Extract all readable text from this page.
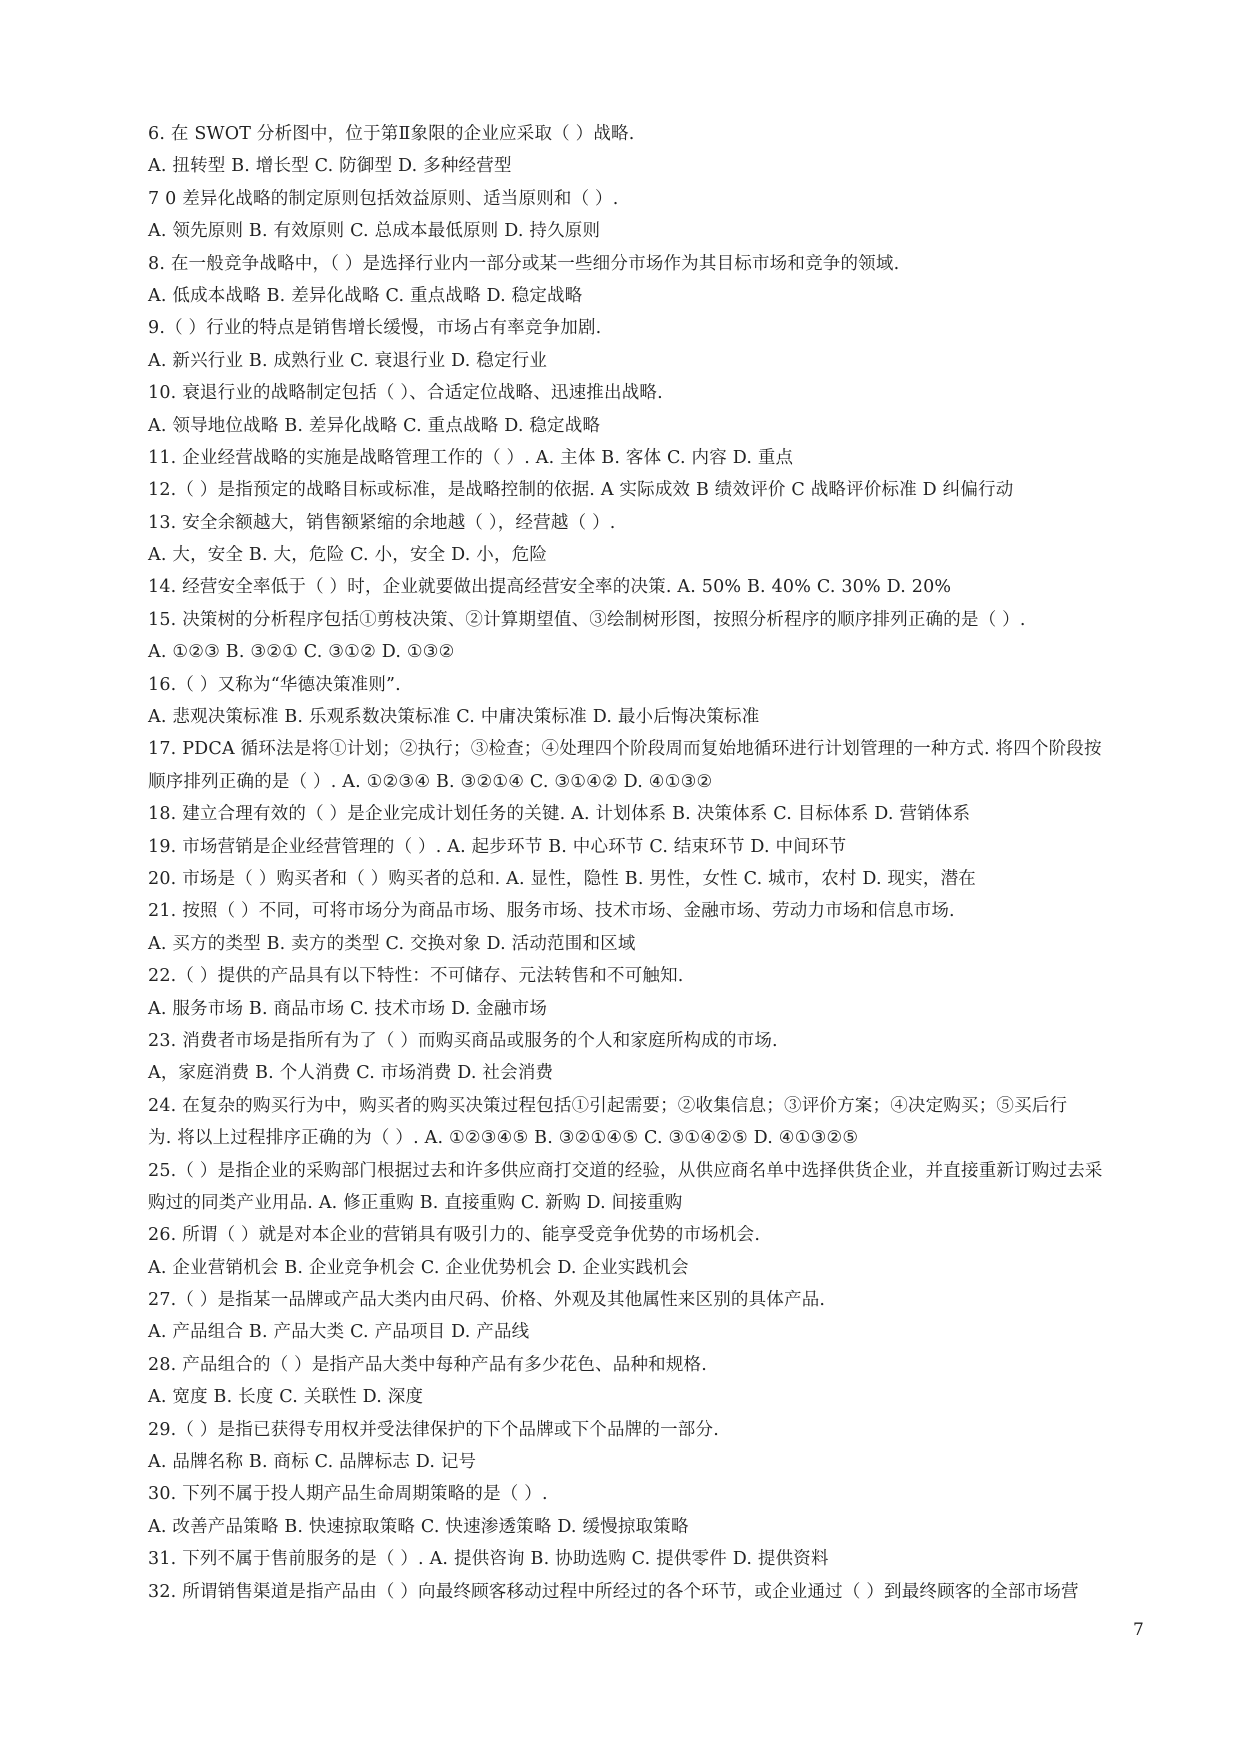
6. 在 SWOT 分析图中，位于第Ⅱ象限的企业应采取（ ）战略.
A. 扭转型 B. 增长型 C. 防御型 D. 多种经营型
7 0 差异化战略的制定原则包括效益原则、适当原则和（ ）.
A. 领先原则 B. 有效原则 C. 总成本最低原则 D. 持久原则
8. 在一般竞争战略中，（ ）是选择行业内一部分或某一些细分市场作为其目标市场和竞争的领域.
A. 低成本战略 B. 差异化战略 C. 重点战略 D. 稳定战略
9.（ ）行业的特点是销售增长缓慢，市场占有率竞争加剧.
A. 新兴行业 B. 成熟行业 C. 衰退行业 D. 稳定行业
10. 衰退行业的战略制定包括（ ）、合适定位战略、迅速推出战略.
A. 领导地位战略 B. 差异化战略 C. 重点战略 D. 稳定战略
11. 企业经营战略的实施是战略管理工作的（ ）. A. 主体 B. 客体 C. 内容 D. 重点
12.（ ）是指预定的战略目标或标准，是战略控制的依据. A 实际成效 B 绩效评价 C 战略评价标准 D 纠偏行动
13. 安全余额越大，销售额紧缩的余地越（ ），经营越（ ）.
A. 大，安全 B. 大，危险 C. 小，安全 D. 小，危险
14. 经营安全率低于（ ）时，企业就要做出提高经营安全率的决策. A. 50% B. 40% C. 30% D. 20%
15. 决策树的分析程序包括①剪枝决策、②计算期望值、③绘制树形图，按照分析程序的顺序排列正确的是（ ）.
A. ①②③ B. ③②① C. ③①② D. ①③②
16.（ ）又称为“华德决策准则”.
A. 悲观决策标准 B. 乐观系数决策标准 C. 中庸决策标准 D. 最小后悔决策标准
17. PDCA 循环法是将①计划；②执行；③检查；④处理四个阶段周而复始地循环进行计划管理的一种方式. 将四个阶段按
顺序排列正确的是（ ）. A. ①②③④ B. ③②①④ C. ③①④② D. ④①③②
18. 建立合理有效的（ ）是企业完成计划任务的关键. A. 计划体系 B. 决策体系 C. 目标体系 D. 营销体系
19. 市场营销是企业经营管理的（ ）. A. 起步环节 B. 中心环节 C. 结束环节 D. 中间环节
20. 市场是（ ）购买者和（ ）购买者的总和. A. 显性，隐性 B. 男性，女性 C. 城市，农村 D. 现实，潜在
21. 按照（ ）不同，可将市场分为商品市场、服务市场、技术市场、金融市场、劳动力市场和信息市场.
A. 买方的类型 B. 卖方的类型 C. 交换对象 D. 活动范围和区域
22.（ ）提供的产品具有以下特性：不可储存、元法转售和不可触知.
A. 服务市场 B. 商品市场 C. 技术市场 D. 金融市场
23. 消费者市场是指所有为了（ ）而购买商品或服务的个人和家庭所构成的市场.
A，家庭消费 B. 个人消费 C. 市场消费 D. 社会消费
24. 在复杂的购买行为中，购买者的购买决策过程包括①引起需要；②收集信息；③评价方案；④决定购买；⑤买后行
为. 将以上过程排序正确的为（ ）. A. ①②③④⑤ B. ③②①④⑤ C. ③①④②⑤ D. ④①③②⑤
25.（ ）是指企业的采购部门根据过去和许多供应商打交道的经验，从供应商名单中选择供货企业，并直接重新订购过去采
购过的同类产业用品. A. 修正重购 B. 直接重购 C. 新购 D. 间接重购
26. 所谓（ ）就是对本企业的营销具有吸引力的、能享受竞争优势的市场机会.
A. 企业营销机会 B. 企业竞争机会 C. 企业优势机会 D. 企业实践机会
27.（ ）是指某一品牌或产品大类内由尺码、价格、外观及其他属性来区别的具体产品.
A. 产品组合 B. 产品大类 C. 产品项目 D. 产品线
28. 产品组合的（ ）是指产品大类中每种产品有多少花色、品种和规格.
A. 宽度 B. 长度 C. 关联性 D. 深度
29.（ ）是指已获得专用权并受法律保护的下个品牌或下个品牌的一部分.
A. 品牌名称 B. 商标 C. 品牌标志 D. 记号
30. 下列不属于投人期产品生命周期策略的是（ ）.
A. 改善产品策略 B. 快速掠取策略 C. 快速渗透策略 D. 缓慢掠取策略
31. 下列不属于售前服务的是（ ）. A. 提供咨询 B. 协助选购 C. 提供零件 D. 提供资料
32. 所谓销售渠道是指产品由（ ）向最终顾客移动过程中所经过的各个环节，或企业通过（ ）到最终顾客的全部市场营
7
